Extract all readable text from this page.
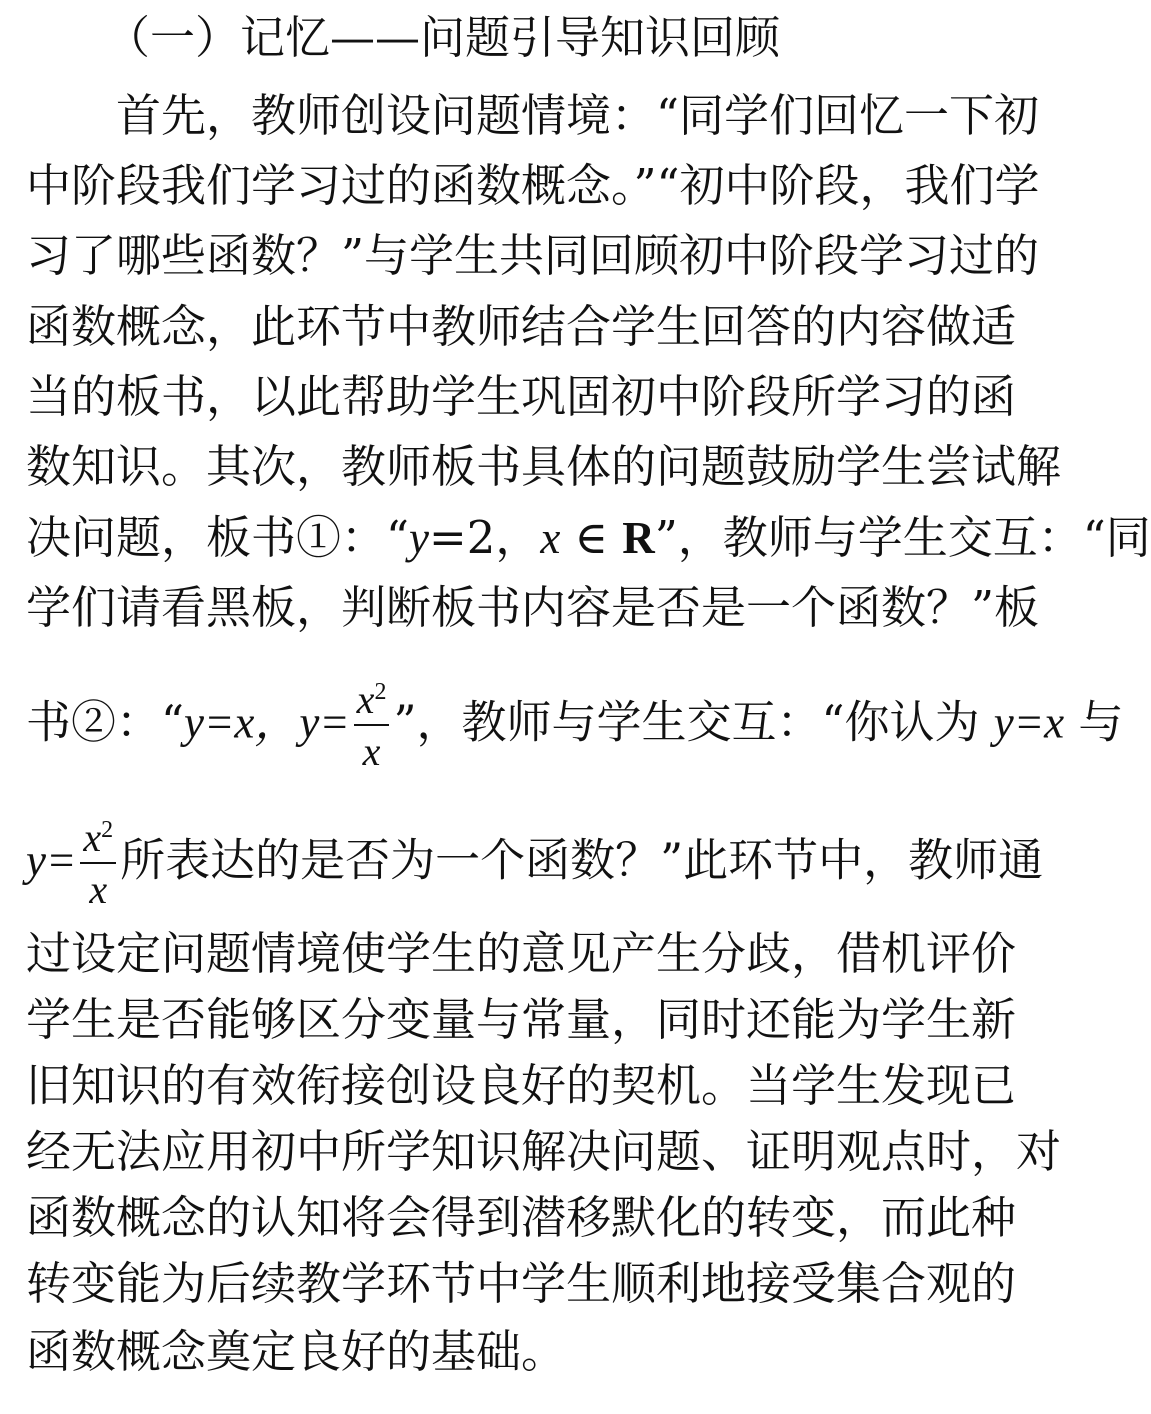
（一）记忆——问题引导知识回顾
首先，教师创设问题情境：“同学们回忆一下初
中阶段我们学习过的函数概念。”“初中阶段，我们学
习了哪些函数？”与学生共同回顾初中阶段学习过的
函数概念，此环节中教师结合学生回答的内容做适
当的板书，以此帮助学生巩固初中阶段所学习的函
数知识。其次，教师板书具体的问题鼓励学生尝试解
决问题，板书①：“y=2，x ∈ R”，教师与学生交互：“同
学们请看黑板，判断板书内容是否是一个函数？”板
书②：“y=x，$y= \frac{x^2}{x}$ ”，教师与学生交互：“你认为 y=x 与
$y= \frac{x^2}{x}$ 所表达的是否为一个函数？”此环节中，教师通
过设定问题情境使学生的意见产生分歧，借机评价
学生是否能够区分变量与常量，同时还能为学生新
旧知识的有效衔接创设良好的契机。当学生发现已
经无法应用初中所学知识解决问题、证明观点时，对
函数概念的认知将会得到潜移默化的转变，而此种
转变能为后续教学环节中学生顺利地接受集合观的
函数概念奠定良好的基础。
